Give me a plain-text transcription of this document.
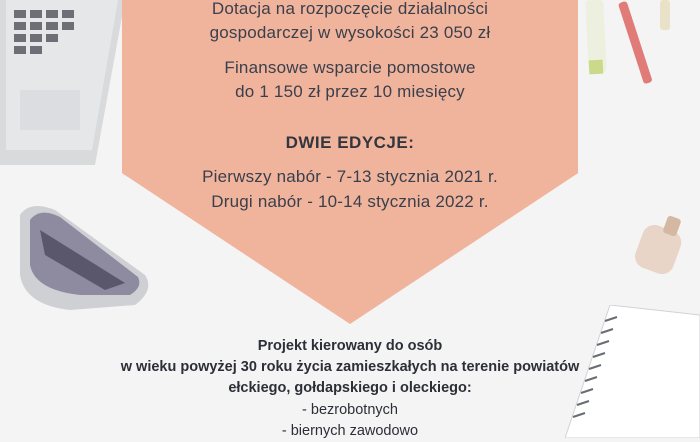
Dotacja na rozpoczęcie działalności
gospodarczej w wysokości 23 050 zł
Finansowe wsparcie pomostowe
do 1 150 zł przez 10 miesięcy
DWIE EDYCJE:
Pierwszy nabór - 7-13 stycznia 2021 r.
Drugi nabór - 10-14 stycznia 2022 r.
Projekt kierowany do osób
w wieku powyżej 30 roku życia zamieszkałych na terenie powiatów
ełckiego, gołdapskiego i oleckiego:
- bezrobotnych
- biernych zawodowo
